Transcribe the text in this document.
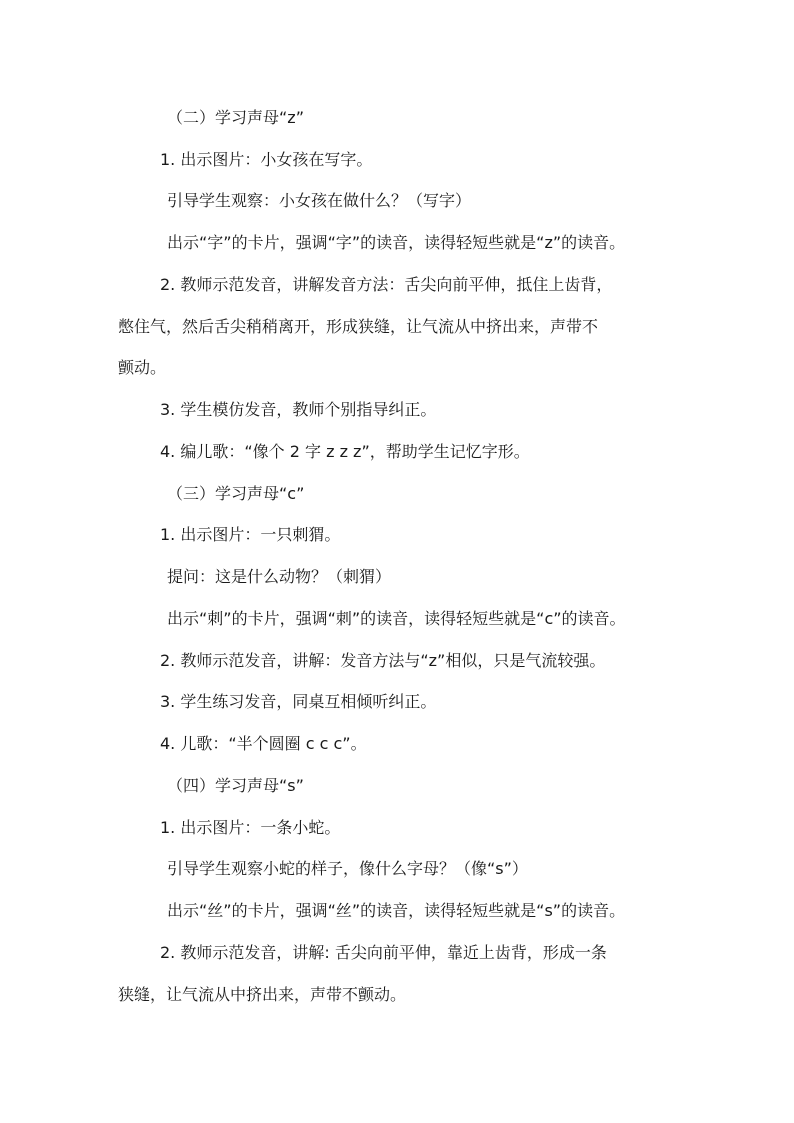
（二）学习声母“z”
1. 出示图片：小女孩在写字。
引导学生观察：小女孩在做什么？（写字）
出示“字”的卡片，强调“字”的读音，读得轻短些就是“z”的读音。
2. 教师示范发音，讲解发音方法：舌尖向前平伸，抵住上齿背，
憋住气，然后舌尖稍稍离开，形成狭缝，让气流从中挤出来，声带不
颤动。
3. 学生模仿发音，教师个别指导纠正。
4. 编儿歌：“像个 2 字 z z z”，帮助学生记忆字形。
（三）学习声母“c”
1. 出示图片：一只刺猬。
提问：这是什么动物？（刺猬）
出示“刺”的卡片，强调“刺”的读音，读得轻短些就是“c”的读音。
2. 教师示范发音，讲解：发音方法与“z”相似，只是气流较强。
3. 学生练习发音，同桌互相倾听纠正。
4. 儿歌：“半个圆圈 c c c”。
（四）学习声母“s”
1. 出示图片：一条小蛇。
引导学生观察小蛇的样子，像什么字母？（像“s”）
出示“丝”的卡片，强调“丝”的读音，读得轻短些就是“s”的读音。
2. 教师示范发音，讲解: 舌尖向前平伸，靠近上齿背，形成一条
狭缝，让气流从中挤出来，声带不颤动。
